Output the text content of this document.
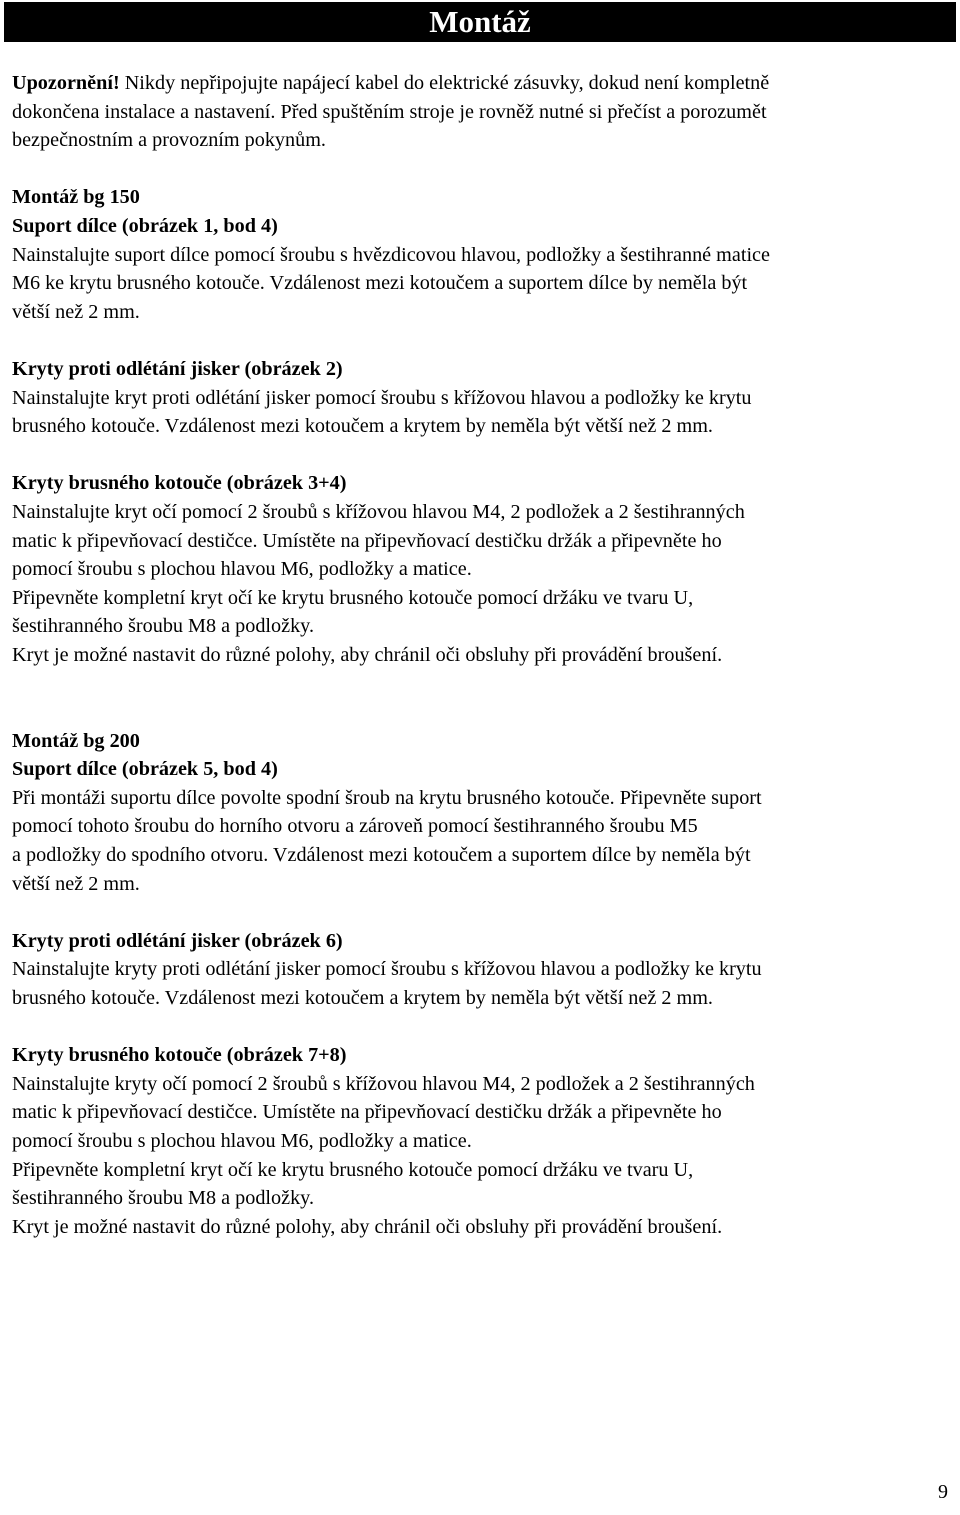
Montáž
Upozornění! Nikdy nepřipojujte napájecí kabel do elektrické zásuvky, dokud není kompletně
dokončena instalace a nastavení. Před spuštěním stroje je rovněž nutné si přečíst a porozumět
bezpečnostním a provozním pokynům.
Montáž bg 150
Suport dílce (obrázek 1, bod 4)
Nainstalujte suport dílce pomocí šroubu s hvězdicovou hlavou, podložky a šestihranné matice
M6 ke krytu brusného kotouče. Vzdálenost mezi kotoučem a suportem dílce by neměla být
větší než 2 mm.
Kryty proti odlétání jisker (obrázek 2)
Nainstalujte kryt proti odlétání jisker pomocí šroubu s křížovou hlavou a podložky ke krytu
brusného kotouče. Vzdálenost mezi kotoučem a krytem by neměla být větší než 2 mm.
Kryty brusného kotouče (obrázek 3+4)
Nainstalujte kryt očí pomocí 2 šroubů s křížovou hlavou M4, 2 podložek a 2 šestihranných
matic k připevňovací destičce. Umístěte na připevňovací destičku držák a připevněte ho
pomocí šroubu s plochou hlavou M6, podložky a matice.
Připevněte kompletní kryt očí ke krytu brusného kotouče pomocí držáku ve tvaru U,
šestihranného šroubu M8 a podložky.
Kryt je možné nastavit do různé polohy, aby chránil oči obsluhy při provádění broušení.
Montáž bg 200
Suport dílce (obrázek 5, bod 4)
Při montáži suportu dílce povolte spodní šroub na krytu brusného kotouče. Připevněte suport
pomocí tohoto šroubu do horního otvoru a zároveň pomocí šestihranného šroubu M5
a podložky do spodního otvoru. Vzdálenost mezi kotoučem a suportem dílce by neměla být
větší než 2 mm.
Kryty proti odlétání jisker (obrázek 6)
Nainstalujte kryty proti odlétání jisker pomocí šroubu s křížovou hlavou a podložky ke krytu
brusného kotouče. Vzdálenost mezi kotoučem a krytem by neměla být větší než 2 mm.
Kryty brusného kotouče (obrázek 7+8)
Nainstalujte kryty očí pomocí 2 šroubů s křížovou hlavou M4, 2 podložek a 2 šestihranných
matic k připevňovací destičce. Umístěte na připevňovací destičku držák a připevněte ho
pomocí šroubu s plochou hlavou M6, podložky a matice.
Připevněte kompletní kryt očí ke krytu brusného kotouče pomocí držáku ve tvaru U,
šestihranného šroubu M8 a podložky.
Kryt je možné nastavit do různé polohy, aby chránil oči obsluhy při provádění broušení.
9
